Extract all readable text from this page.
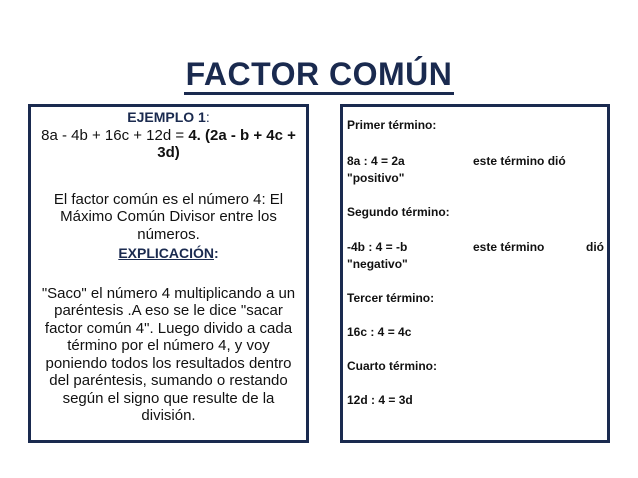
FACTOR COMÚN

EJEMPLO 1:

8a - 4b + 16c + 12d = 4. (2a - b + 4c + 3d)

El factor común es el número 4: El Máximo Común Divisor entre los números.

EXPLICACIÓN:

"Saco" el número 4 multiplicando a un paréntesis .A eso se le dice "sacar factor común 4". Luego divido a cada término por el número 4, y voy poniendo todos los resultados dentro del paréntesis, sumando o restando según el signo que resulte de la división.

Primer término:
8a : 4 = 2a	este término dió
"positivo"
Segundo término:
-4b : 4 = -b	este término	dió
"negativo"
Tercer término:
16c : 4 = 4c
Cuarto término:
12d : 4 = 3d
